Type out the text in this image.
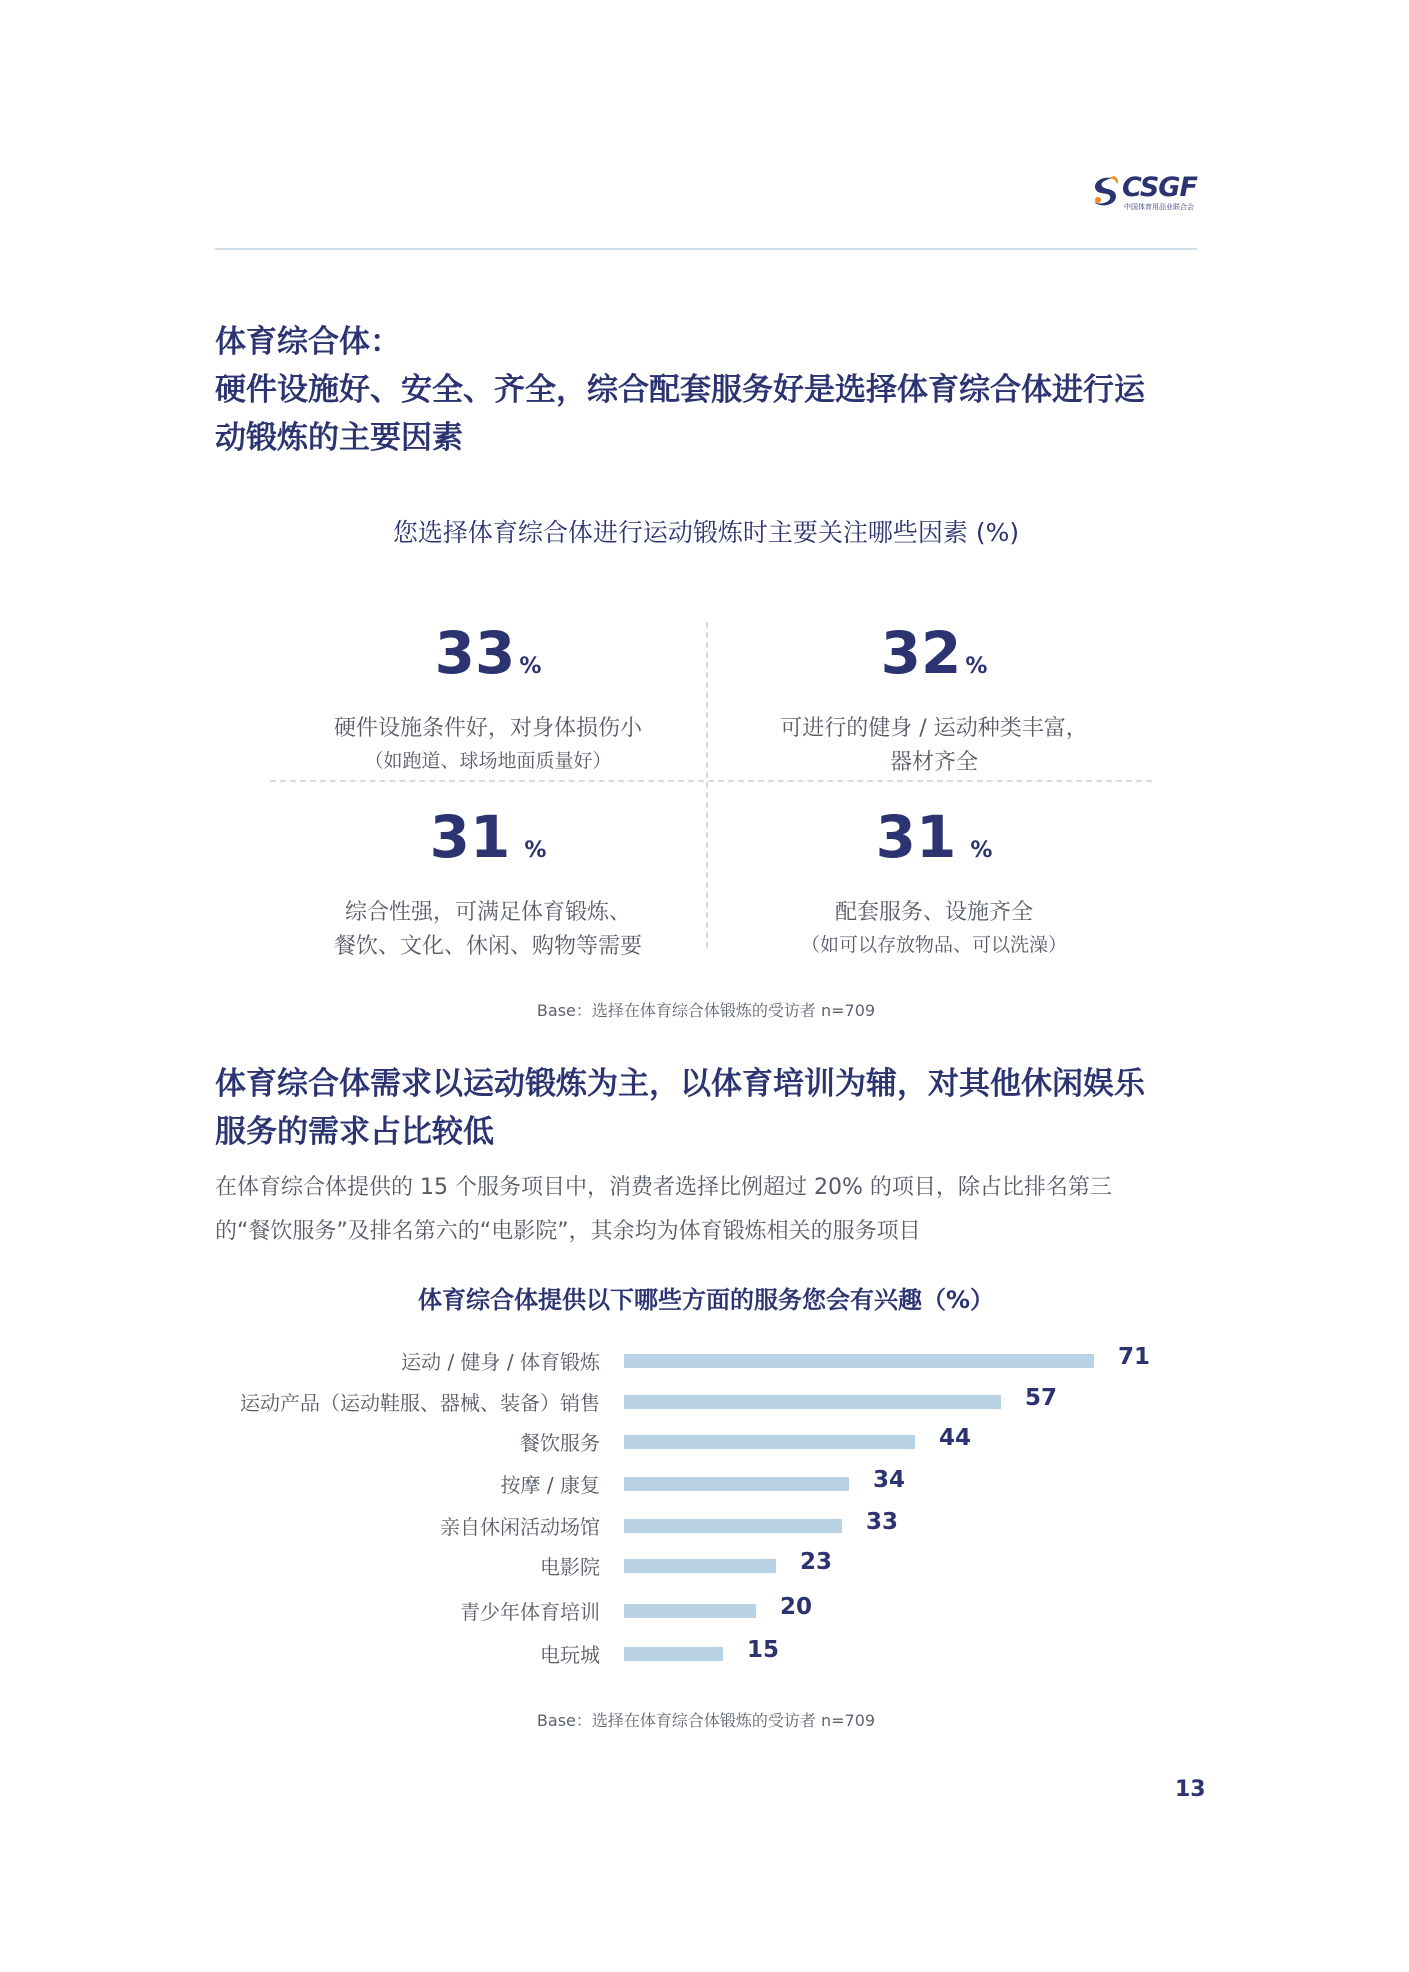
CSGF
中国体育用品业联合会
体育综合体：
硬件设施好、安全、齐全，综合配套服务好是选择体育综合体进行运
动锻炼的主要因素
您选择体育综合体进行运动锻炼时主要关注哪些因素 (%)
33 %
硬件设施条件好，对身体损伤小
（如跑道、球场地面质量好）
32 %
可进行的健身 / 运动种类丰富，
器材齐全
31 %
综合性强，可满足体育锻炼、
餐饮、文化、休闲、购物等需要
31 %
配套服务、设施齐全
（如可以存放物品、可以洗澡）
Base：选择在体育综合体锻炼的受访者 n=709
体育综合体需求以运动锻炼为主，以体育培训为辅，对其他休闲娱乐
服务的需求占比较低
在体育综合体提供的 15 个服务项目中，消费者选择比例超过 20% 的项目，除占比排名第三
的“餐饮服务”及排名第六的“电影院”，其余均为体育锻炼相关的服务项目
体育综合体提供以下哪些方面的服务您会有兴趣（%）
运动 / 健身 / 体育锻炼	71
运动产品（运动鞋服、器械、装备）销售	57
餐饮服务	44
按摩 / 康复	34
亲自休闲活动场馆	33
电影院	23
青少年体育培训	20
电玩城	15
Base：选择在体育综合体锻炼的受访者 n=709
13
